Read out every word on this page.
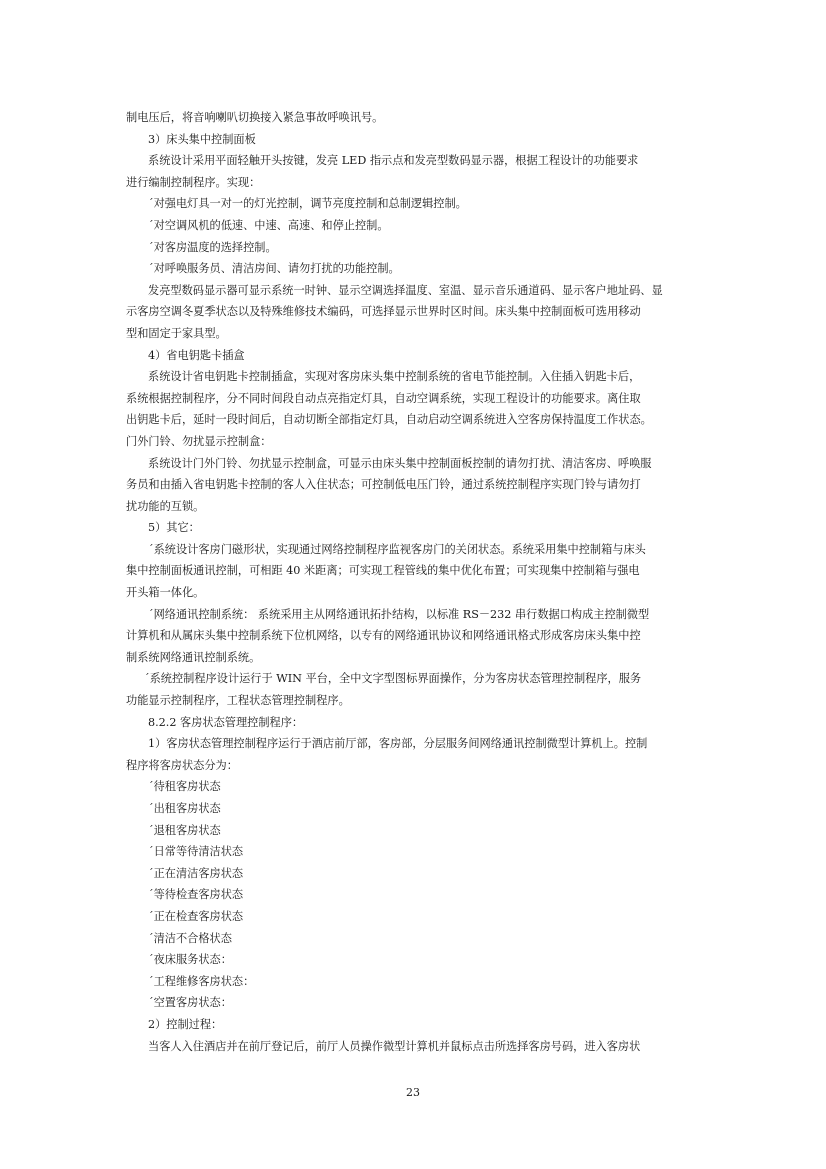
制电压后，将音响喇叭切换接入紧急事故呼唤讯号。
3）床头集中控制面板
系统设计采用平面轻触开头按键，发亮 LED 指示点和发亮型数码显示器，根据工程设计的功能要求
进行编制控制程序。实现：
ˊ对强电灯具一对一的灯光控制，调节亮度控制和总制逻辑控制。
ˊ对空调风机的低速、中速、高速、和停止控制。
ˊ对客房温度的选择控制。
ˊ对呼唤服务员、清洁房间、请勿打扰的功能控制。
发亮型数码显示器可显示系统一时钟、显示空调选择温度、室温、显示音乐通道码、显示客户地址码、显
示客房空调冬夏季状态以及特殊维修技术编码，可选择显示世界时区时间。床头集中控制面板可选用移动
型和固定于家具型。
4）省电钥匙卡插盒
系统设计省电钥匙卡控制插盒，实现对客房床头集中控制系统的省电节能控制。入住插入钥匙卡后，
系统根据控制程序，分不同时间段自动点亮指定灯具，自动空调系统，实现工程设计的功能要求。离住取
出钥匙卡后，延时一段时间后，自动切断全部指定灯具，自动启动空调系统进入空客房保持温度工作状态。
门外门铃、勿扰显示控制盒：
系统设计门外门铃、勿扰显示控制盒，可显示由床头集中控制面板控制的请勿打扰、清洁客房、呼唤服
务员和由插入省电钥匙卡控制的客人入住状态；可控制低电压门铃，通过系统控制程序实现门铃与请勿打
扰功能的互锁。
5）其它：
ˊ系统设计客房门磁形状，实现通过网络控制程序监视客房门的关闭状态。系统采用集中控制箱与床头
集中控制面板通讯控制，可相距 40 米距离；可实现工程管线的集中优化布置；可实现集中控制箱与强电
开头箱一体化。
ˊ网络通讯控制系统： 系统采用主从网络通讯拓扑结构，以标准 RS－232 串行数据口构成主控制微型
计算机和从属床头集中控制系统下位机网络，以专有的网络通讯协议和网络通讯格式形成客房床头集中控
制系统网络通讯控制系统。
ˊ系统控制程序设计运行于 WIN 平台，全中文字型图标界面操作，分为客房状态管理控制程序，服务
功能显示控制程序，工程状态管理控制程序。
8.2.2 客房状态管理控制程序：
1）客房状态管理控制程序运行于酒店前厅部，客房部，分层服务间网络通讯控制微型计算机上。控制
程序将客房状态分为：
ˊ待租客房状态
ˊ出租客房状态
ˊ退租客房状态
ˊ日常等待清洁状态
ˊ正在清洁客房状态
ˊ等待检查客房状态
ˊ正在检查客房状态
ˊ清洁不合格状态
ˊ夜床服务状态：
ˊ工程维修客房状态：
ˊ空置客房状态：
2）控制过程：
当客人入住酒店并在前厅登记后，前厅人员操作微型计算机并鼠标点击所选择客房号码，进入客房状
23
